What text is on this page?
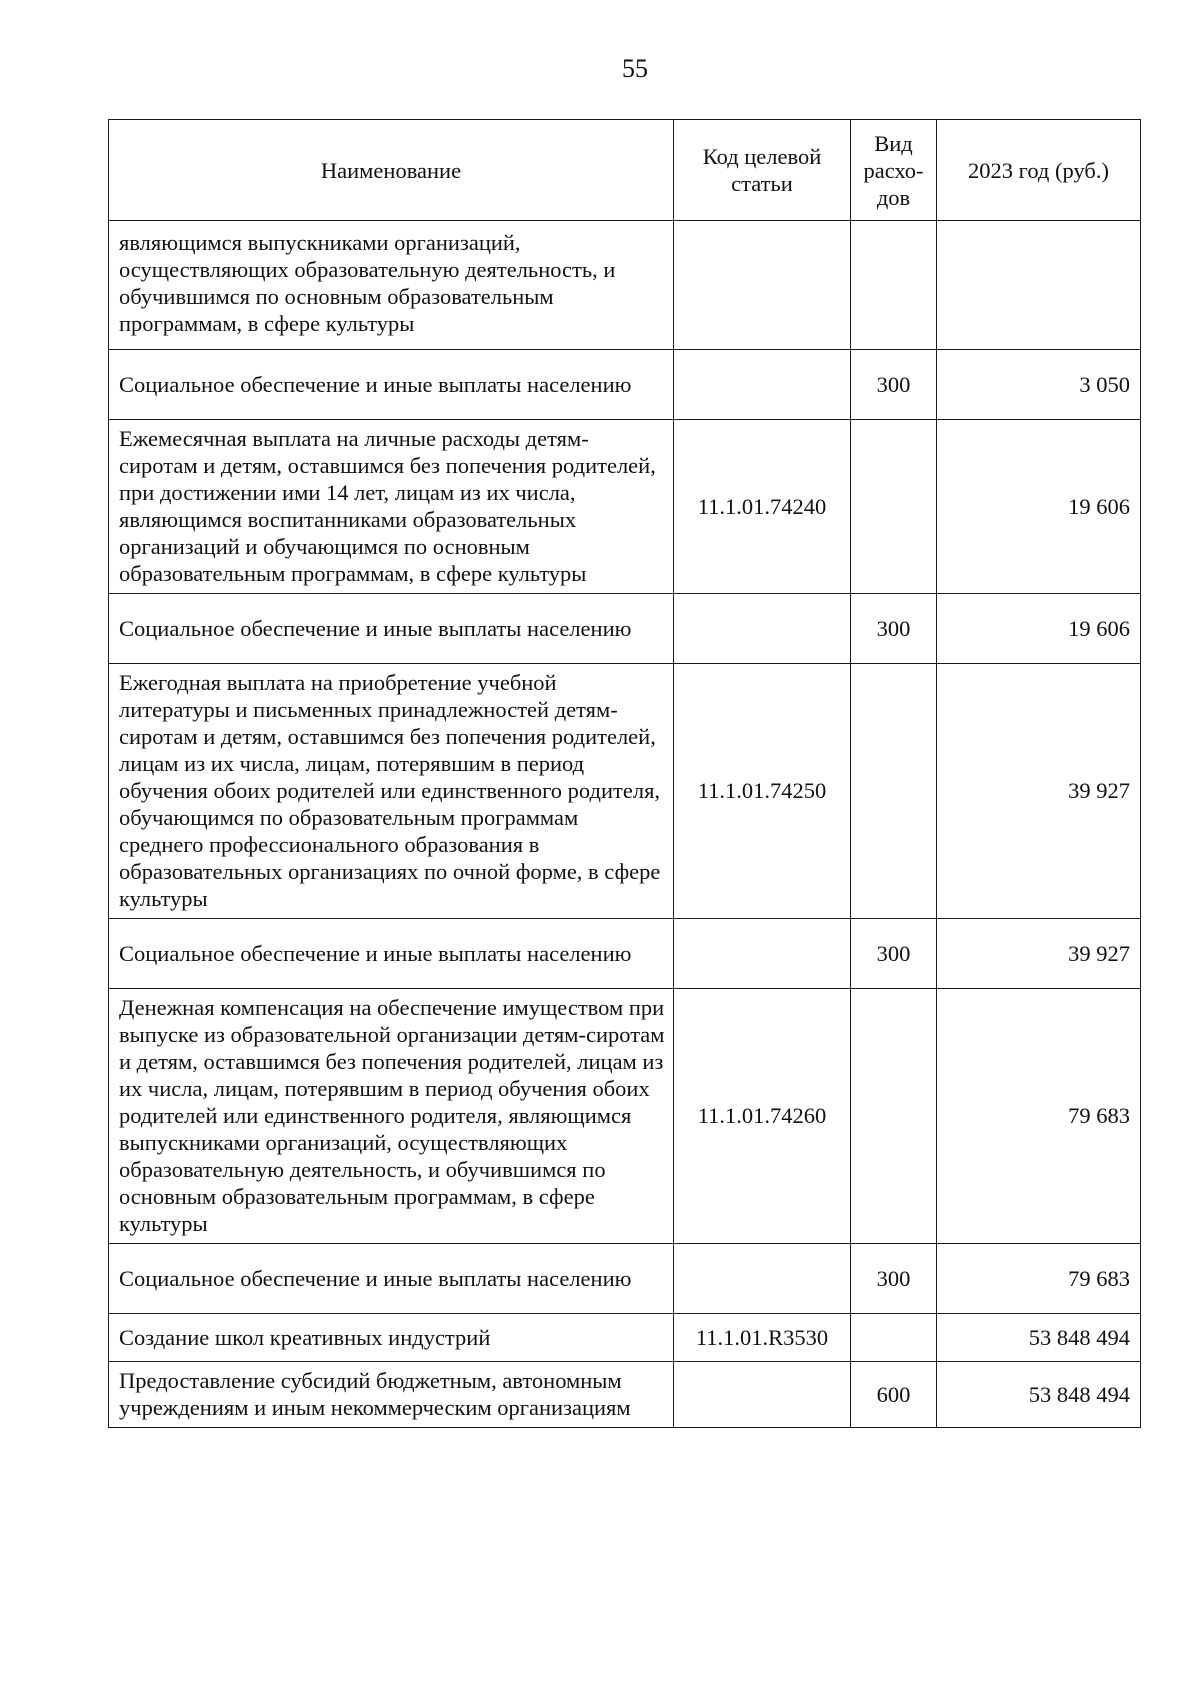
55
Наименование	Код целевой статьи	Вид расхо-дов	2023 год (руб.)
являющимся выпускниками организаций, осуществляющих образовательную деятельность, и обучившимся по основным образовательным программам, в сфере культуры			
Социальное обеспечение и иные выплаты населению		300	3 050
Ежемесячная выплата на личные расходы детям-сиротам и детям, оставшимся без попечения родителей, при достижении ими 14 лет, лицам из их числа, являющимся воспитанниками образовательных организаций и обучающимся по основным образовательным программам, в сфере культуры	11.1.01.74240		19 606
Социальное обеспечение и иные выплаты населению		300	19 606
Ежегодная выплата на приобретение учебной литературы и письменных принадлежностей детям-сиротам и детям, оставшимся без попечения родителей, лицам из их числа, лицам, потерявшим в период обучения обоих родителей или единственного родителя, обучающимся по образовательным программам среднего профессионального образования в образовательных организациях по очной форме, в сфере культуры	11.1.01.74250		39 927
Социальное обеспечение и иные выплаты населению		300	39 927
Денежная компенсация на обеспечение имуществом при выпуске из образовательной организации детям-сиротам и детям, оставшимся без попечения родителей, лицам из их числа, лицам, потерявшим в период обучения обоих родителей или единственного родителя, являющимся выпускниками организаций, осуществляющих образовательную деятельность, и обучившимся по основным образовательным программам, в сфере культуры	11.1.01.74260		79 683
Социальное обеспечение и иные выплаты населению		300	79 683
Создание школ креативных индустрий	11.1.01.R3530		53 848 494
Предоставление субсидий бюджетным, автономным учреждениям и иным некоммерческим организациям		600	53 848 494
